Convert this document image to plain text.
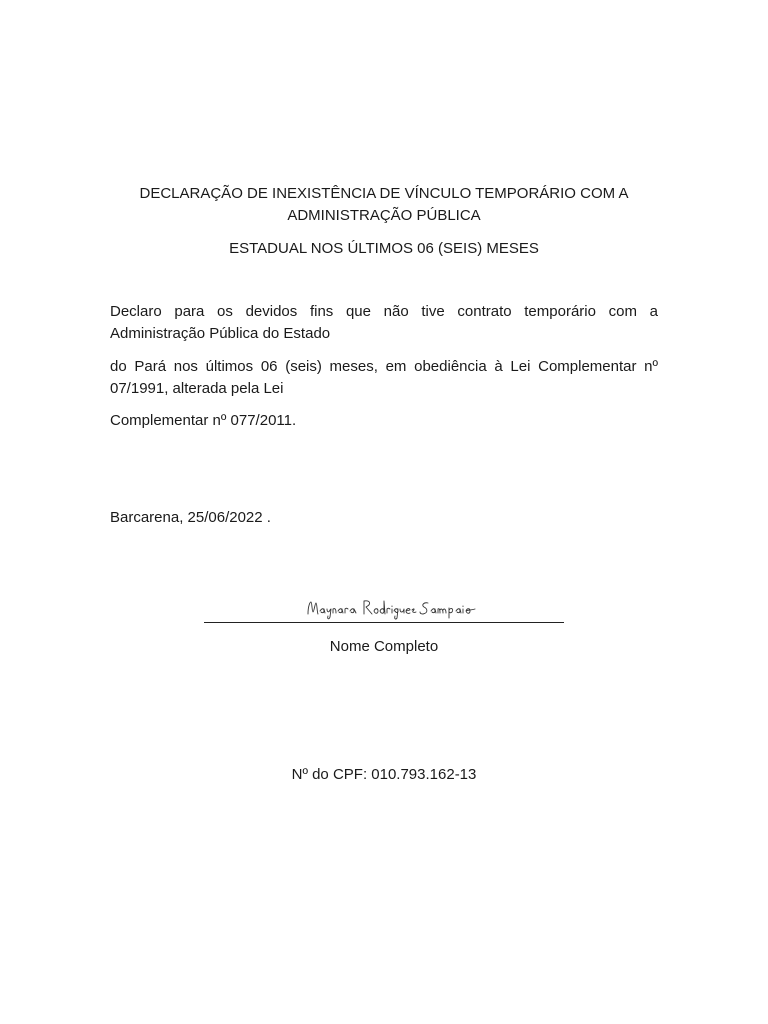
DECLARAÇÃO DE INEXISTÊNCIA DE VÍNCULO TEMPORÁRIO COM A ADMINISTRAÇÃO PÚBLICA
ESTADUAL NOS ÚLTIMOS 06 (SEIS) MESES

Declaro para os devidos fins que não tive contrato temporário com a Administração Pública do Estado

do Pará nos últimos 06 (seis) meses, em obediência à Lei Complementar nº 07/1991, alterada pela Lei

Complementar nº 077/2011.

Barcarena, 25/06/2022 .

Nome Completo

Nº do CPF: 010.793.162-13
